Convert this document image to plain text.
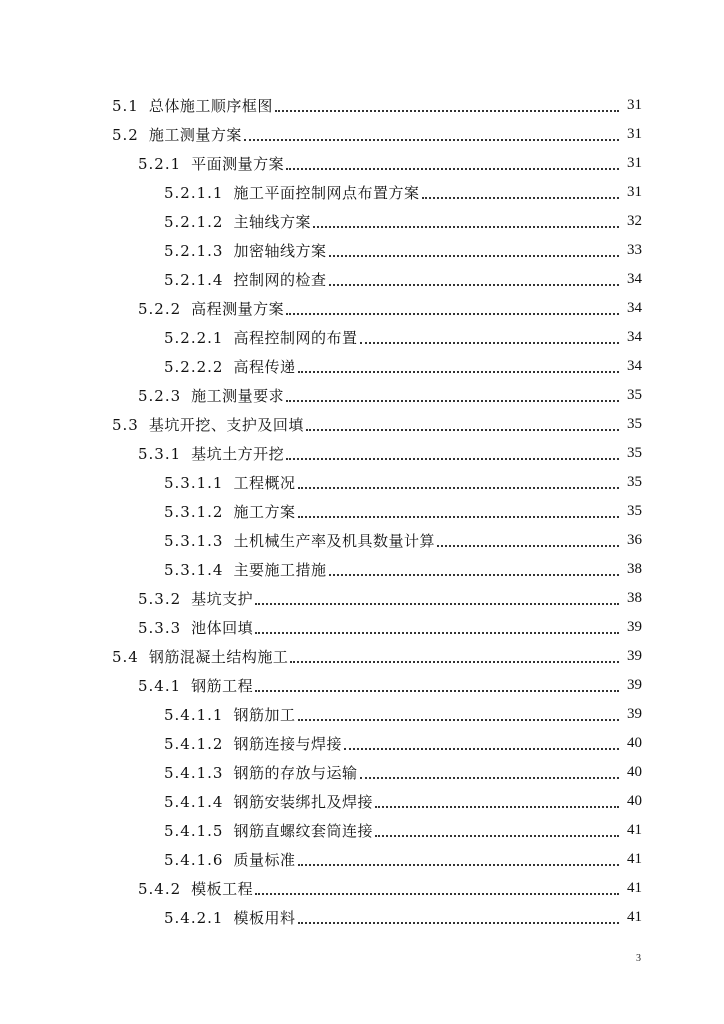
5.1 总体施工顺序框图	31
5.2 施工测量方案	31
5.2.1 平面测量方案	31
5.2.1.1 施工平面控制网点布置方案	31
5.2.1.2 主轴线方案	32
5.2.1.3 加密轴线方案	33
5.2.1.4 控制网的检查	34
5.2.2 高程测量方案	34
5.2.2.1 高程控制网的布置	34
5.2.2.2 高程传递	34
5.2.3 施工测量要求	35
5.3 基坑开挖、支护及回填	35
5.3.1 基坑土方开挖	35
5.3.1.1 工程概况	35
5.3.1.2 施工方案	35
5.3.1.3 土机械生产率及机具数量计算	36
5.3.1.4 主要施工措施	38
5.3.2 基坑支护	38
5.3.3 池体回填	39
5.4 钢筋混凝土结构施工	39
5.4.1 钢筋工程	39
5.4.1.1 钢筋加工	39
5.4.1.2 钢筋连接与焊接	40
5.4.1.3 钢筋的存放与运输	40
5.4.1.4 钢筋安装绑扎及焊接	40
5.4.1.5 钢筋直螺纹套筒连接	41
5.4.1.6 质量标准	41
5.4.2 模板工程	41
5.4.2.1 模板用料	41
3
